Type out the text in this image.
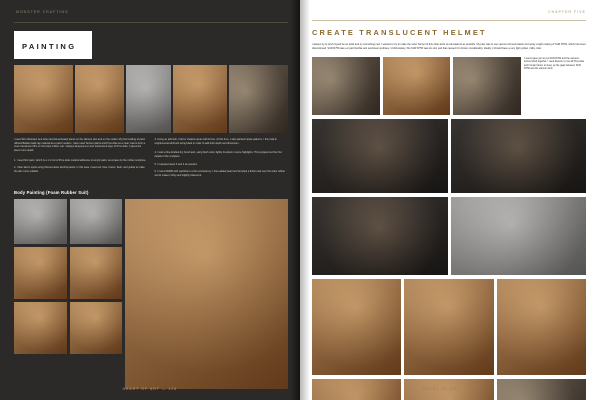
MONSTER CRAFTING
PAINTING

I used Skin Illustrator and other alcohol-activated paints on the silicone skin and on the model. My final coating of paint utilized Badder bald cap material as a paint medium. I also used Temtex paints and Pros-Aide as a clear coat to form a more translucent film on the foam rubber suit. I always lacquered a more translucent layer of Pros-Aide. It gives the piece more depth.

1. I used first paint, which is a 1:1 mix of Pros-Aide medical adhesive to acrylic paint, as a base for the rubber sculpture.

2. I then laid in spots using thinned down alcohol paints. In this case I used red, blue, brown, flesh, and yellow to make the skin more realistic.

3. Using an airbrush, I laid in shadow areas with brown. At this time, I also painted nipple patterns. I then laid in supplemental airbrush using black in order to add both depth and dimension.

4. I took a fine-bristled dry brush and, using flesh color, lightly brushed in some highlights. This propped out the first details of the sculpture.

5. I repeated steps 3 and 4 as needed.

6. I mixed 39090 with naphtha to a thin consistency. I then added pearl and brushed a finish coat over the foam rubber suit to make it shiny and slightly iridescent.

Body Painting (Foam Rubber Suit)
HEART OF ART — 106
CHAPTER FIVE
CREATE TRANSLUCENT HELMET
I always try to push myself as an artist and try something new. I wanted to try to make the outer helmet of this chair-actor as transparent as possible. My plan was to use vacuum-formed plastic and spray a light coating of SUR R750, which has been discontinued. SUR R750 was a 2-part flexible and semiclear urethane. Unfortunately, this SUR R750 was too old, and that caused it to brown considerably. Ideally, it should have a very light yellow, milky color.
I used a glue gun to put SUR R750 and the vacuum-formed shell together. I used Devcon to mix all Pros-Aide and human blood, to clear, up the gaps between SUR R750 and the vacuum form.
HEART OF ART — 107
